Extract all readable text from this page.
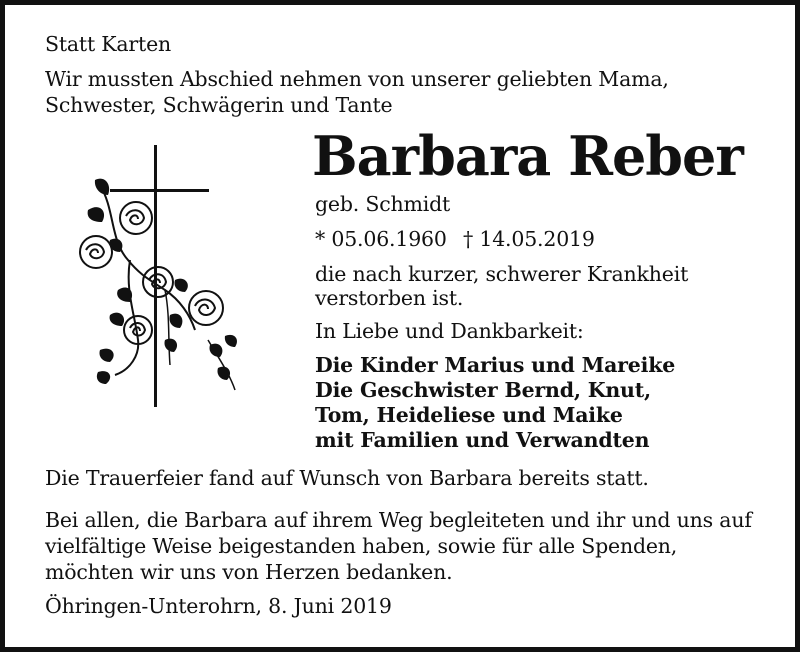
Statt Karten
Wir mussten Abschied nehmen von unserer geliebten Mama,
Schwester, Schwägerin und Tante
Barbara Reber
geb. Schmidt
* 05.06.1960 † 14.05.2019
die nach kurzer, schwerer Krankheit
verstorben ist.
In Liebe und Dankbarkeit:
Die Kinder Marius und Mareike
Die Geschwister Bernd, Knut,
Tom, Heideliese und Maike
mit Familien und Verwandten
Die Trauerfeier fand auf Wunsch von Barbara bereits statt.
Bei allen, die Barbara auf ihrem Weg begleiteten und ihr und uns auf
vielfältige Weise beigestanden haben, sowie für alle Spenden,
möchten wir uns von Herzen bedanken.
Öhringen-Unterohrn, 8. Juni 2019
